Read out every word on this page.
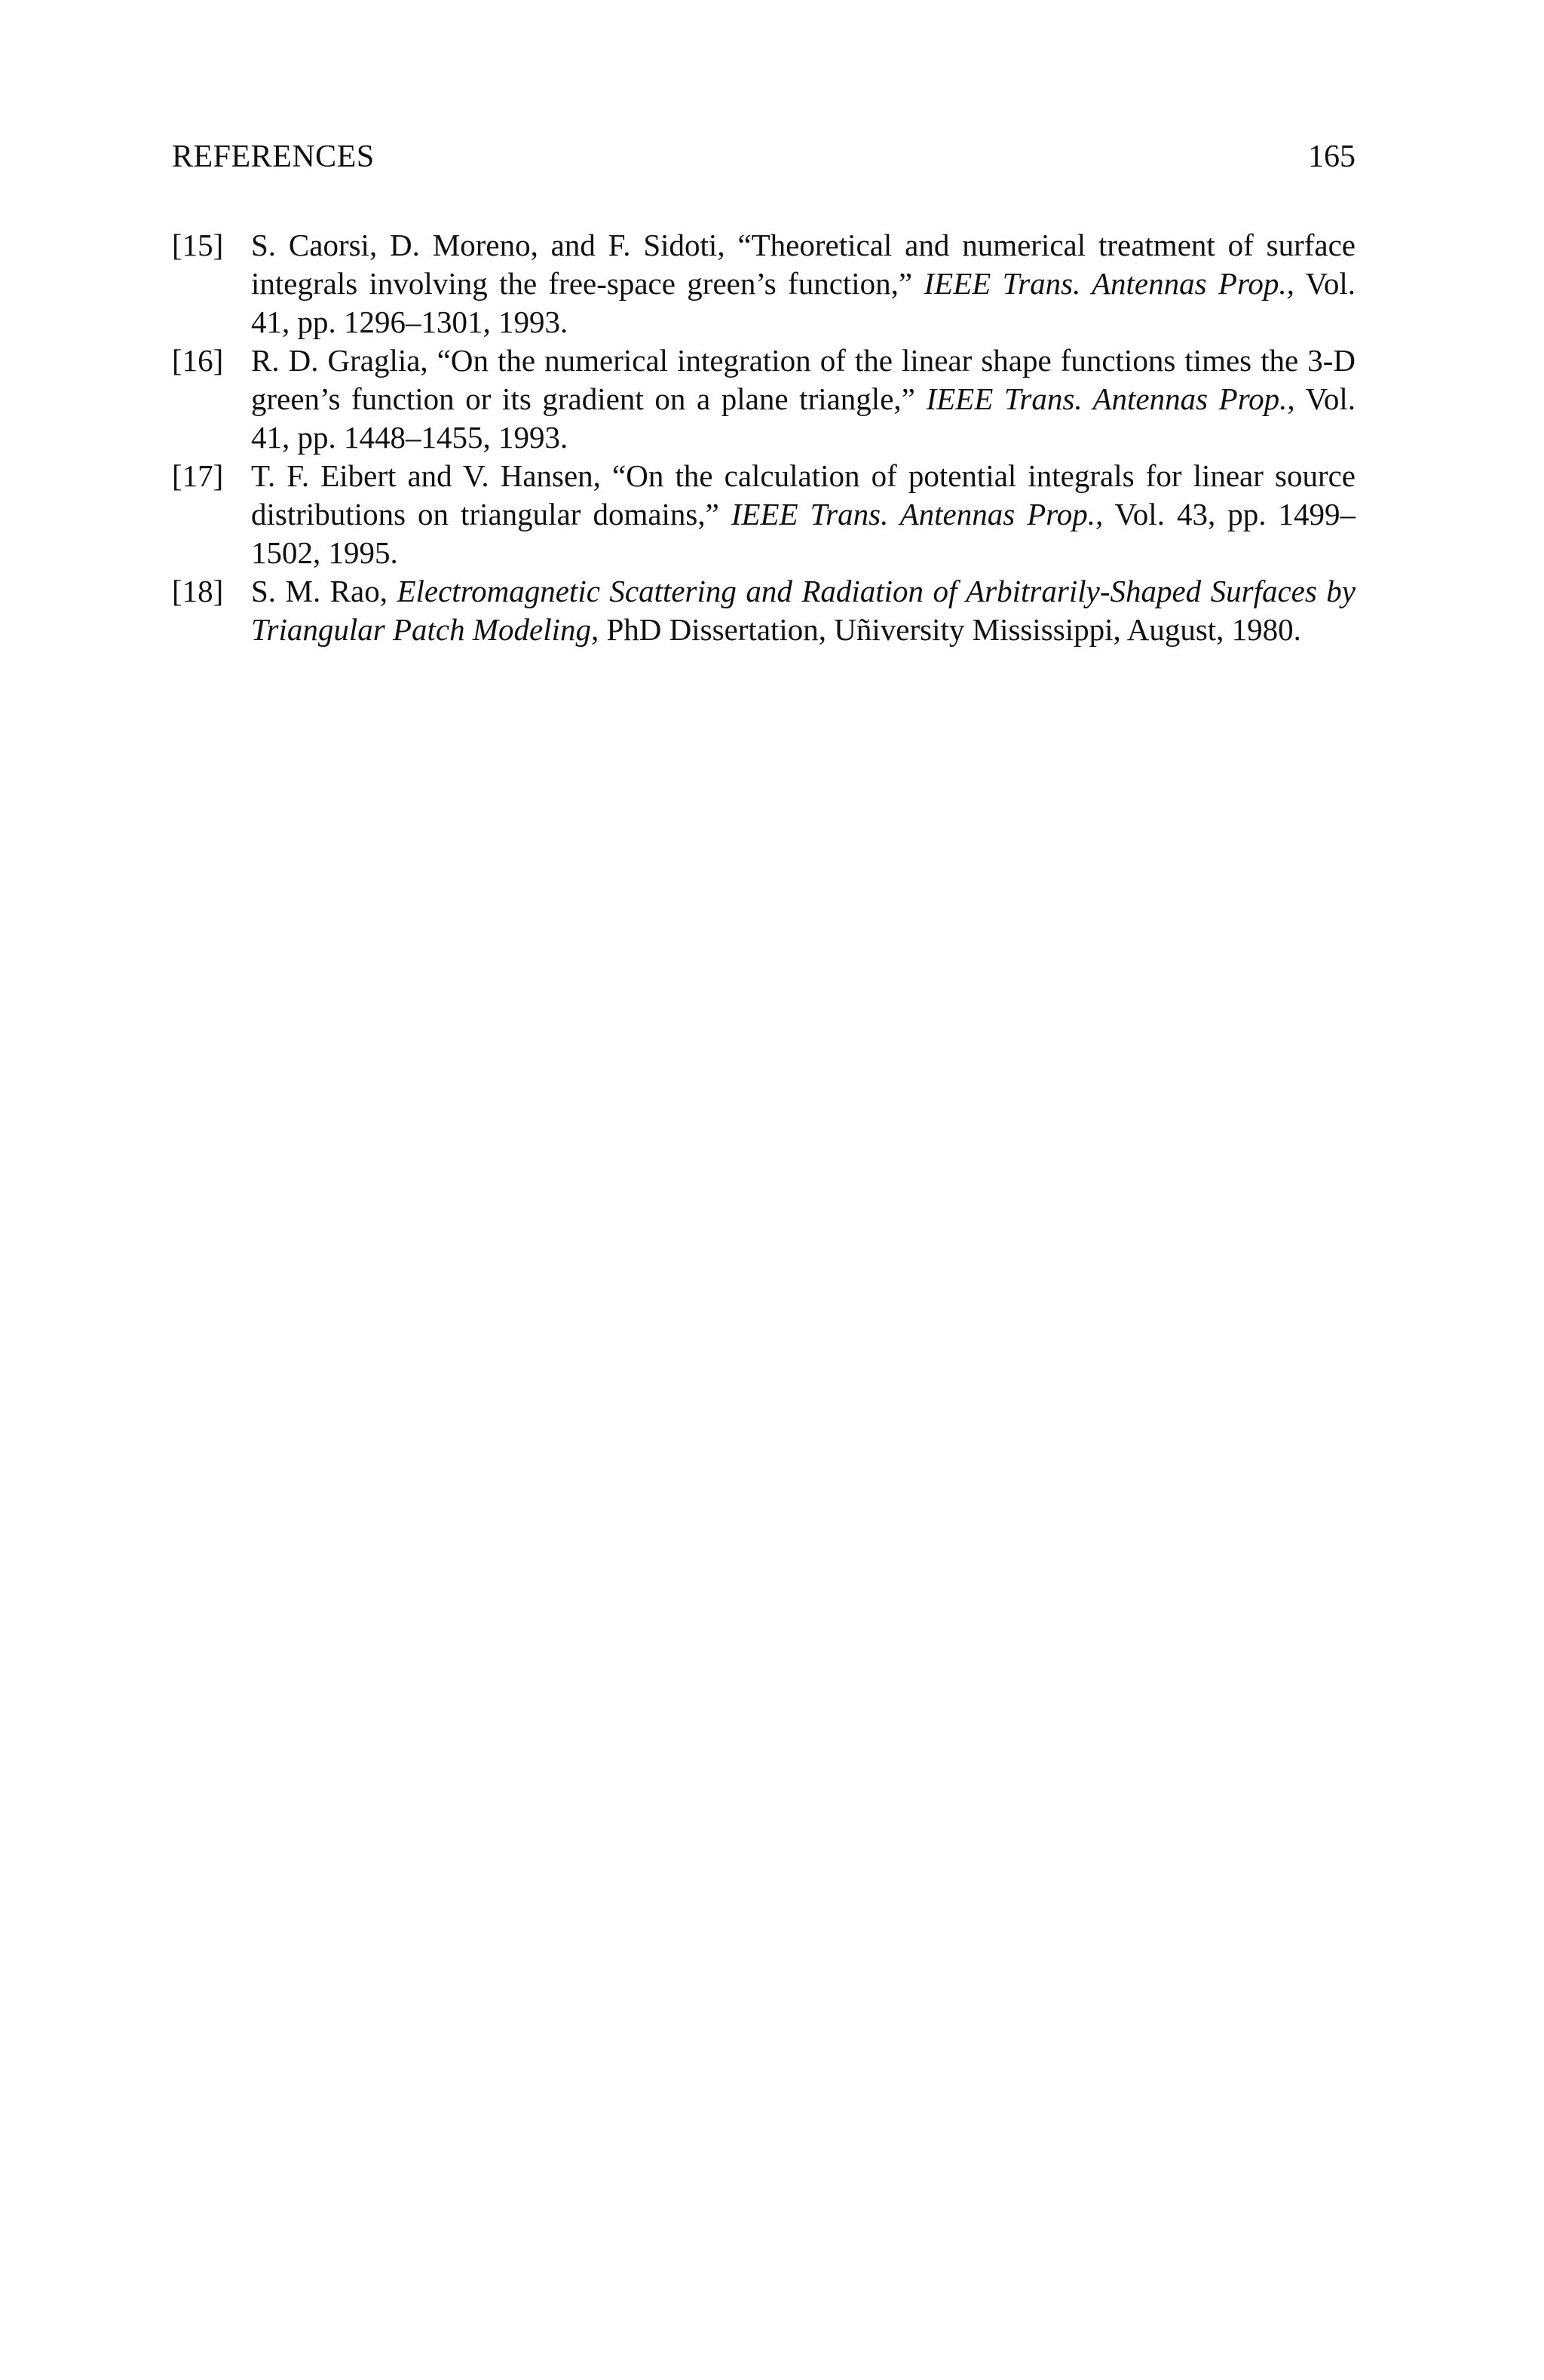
REFERENCES	165
[15] S. Caorsi, D. Moreno, and F. Sidoti, “Theoretical and numerical treatment of surface integrals involving the free-space green’s function,” IEEE Trans. Antennas Prop., Vol. 41, pp. 1296–1301, 1993.
[16] R. D. Graglia, “On the numerical integration of the linear shape functions times the 3-D green’s function or its gradient on a plane triangle,” IEEE Trans. Antennas Prop., Vol. 41, pp. 1448–1455, 1993.
[17] T. F. Eibert and V. Hansen, “On the calculation of potential integrals for linear source distributions on triangular domains,” IEEE Trans. Antennas Prop., Vol. 43, pp. 1499–1502, 1995.
[18] S. M. Rao, Electromagnetic Scattering and Radiation of Arbitrarily-Shaped Surfaces by Triangular Patch Modeling, PhD Dissertation, Uñiversity Mississippi, August, 1980.
